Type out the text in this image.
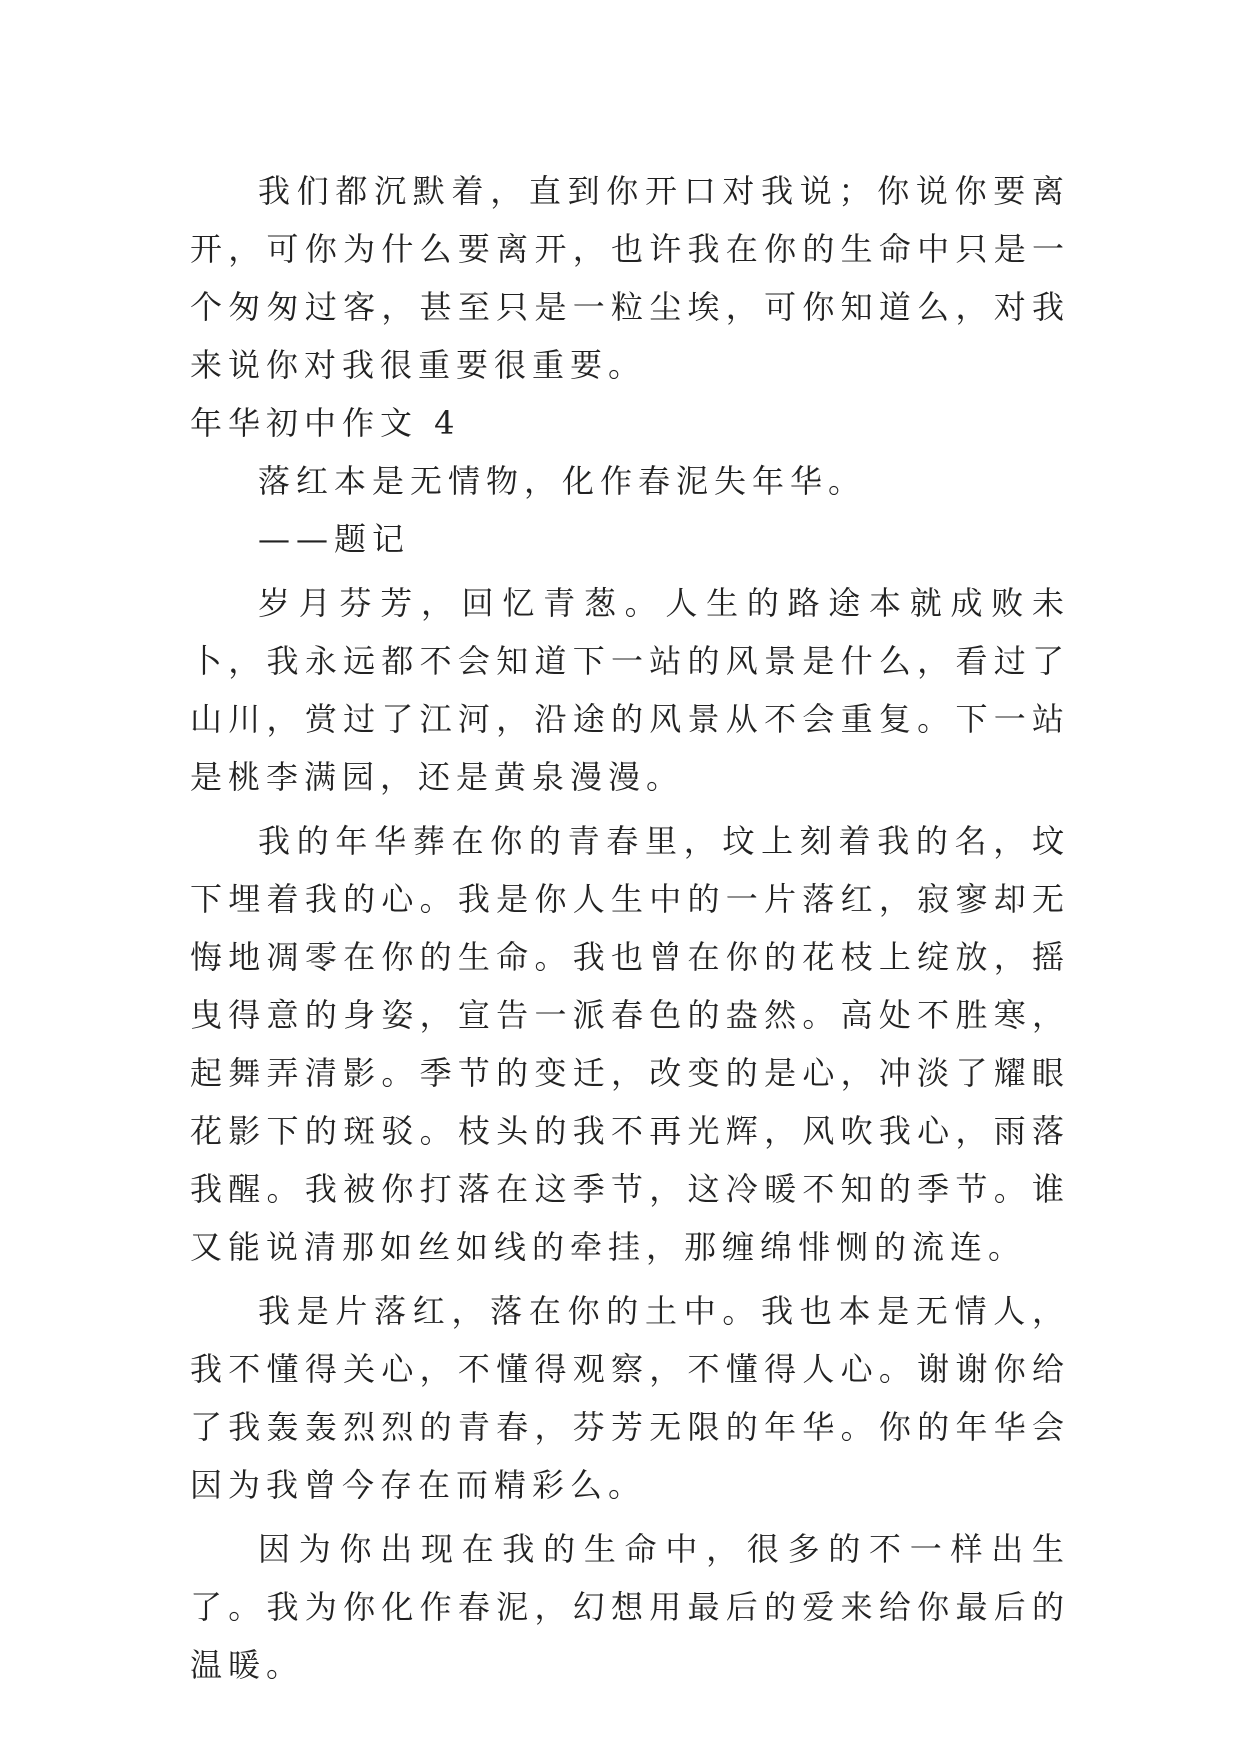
我们都沉默着，直到你开口对我说；你说你要离开，可你为什么要离开，也许我在你的生命中只是一个匆匆过客，甚至只是一粒尘埃，可你知道么，对我来说你对我很重要很重要。

年华初中作文 4

落红本是无情物，化作春泥失年华。

——题记

岁月芬芳，回忆青葱。人生的路途本就成败未卜，我永远都不会知道下一站的风景是什么，看过了山川，赏过了江河，沿途的风景从不会重复。下一站是桃李满园，还是黄泉漫漫。

我的年华葬在你的青春里，坟上刻着我的名，坟下埋着我的心。我是你人生中的一片落红，寂寥却无悔地凋零在你的生命。我也曾在你的花枝上绽放，摇曳得意的身姿，宣告一派春色的盎然。高处不胜寒，起舞弄清影。季节的变迁，改变的是心，冲淡了耀眼花影下的斑驳。枝头的我不再光辉，风吹我心，雨落我醒。我被你打落在这季节，这冷暖不知的季节。谁又能说清那如丝如线的牵挂，那缠绵悱恻的流连。

我是片落红，落在你的土中。我也本是无情人，我不懂得关心，不懂得观察，不懂得人心。谢谢你给了我轰轰烈烈的青春，芬芳无限的年华。你的年华会因为我曾今存在而精彩么。

因为你出现在我的生命中，很多的不一样出生了。我为你化作春泥，幻想用最后的爱来给你最后的温暖。
